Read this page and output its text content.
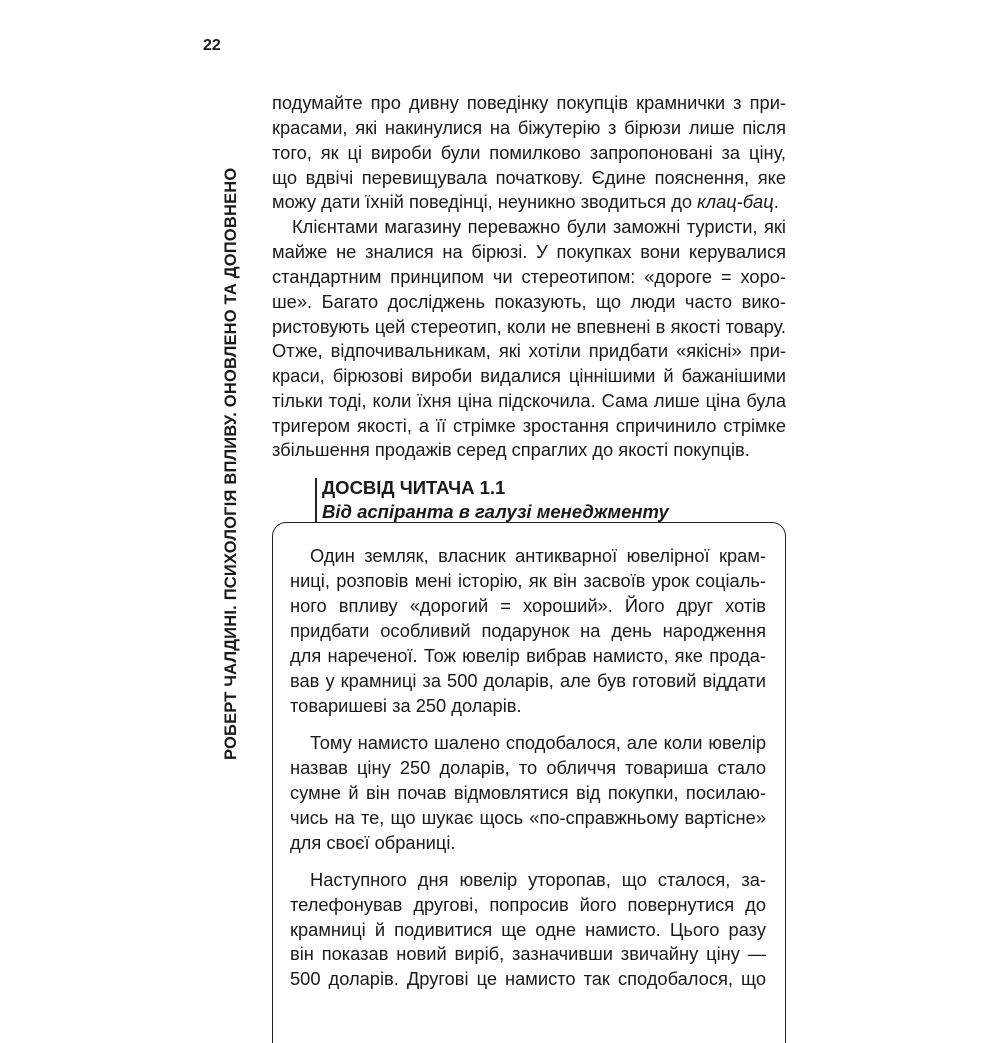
22
РОБЕРТ ЧАЛДИНІ. ПСИХОЛОГІЯ ВПЛИВУ. ОНОВЛЕНО ТА ДОПОВНЕНО
подумайте про дивну поведінку покупців крамнички з при-
красами, які накинулися на біжутерію з бірюзи лише після
того, як ці вироби були помилково запропоновані за ціну,
що вдвічі перевищувала початкову. Єдине пояснення, яке
можу дати їхній поведінці, неуникно зводиться до клац-бац.
Клієнтами магазину переважно були заможні туристи, які
майже не зналися на бірюзі. У покупках вони керувалися
стандартним принципом чи стереотипом: «дороге = хоро-
ше». Багато досліджень показують, що люди часто вико-
ристовують цей стереотип, коли не впевнені в якості товару.
Отже, відпочивальникам, які хотіли придбати «якісні» при-
краси, бірюзові вироби видалися ціннішими й бажанішими
тільки тоді, коли їхня ціна підскочила. Сама лише ціна була
тригером якості, а її стрімке зростання спричинило стрімке
збільшення продажів серед спраглих до якості покупців.
ДОСВІД ЧИТАЧА 1.1
Від аспіранта в галузі менеджменту
Один земляк, власник антикварної ювелірної крам-
ниці, розповів мені історію, як він засвоїв урок соціаль-
ного впливу «дорогий = хороший». Його друг хотів
придбати особливий подарунок на день народження
для нареченої. Тож ювелір вибрав намисто, яке прода-
вав у крамниці за 500 доларів, але був готовий віддати
товаришеві за 250 доларів.
Тому намисто шалено сподобалося, але коли ювелір
назвав ціну 250 доларів, то обличчя товариша стало
сумне й він почав відмовлятися від покупки, посилаю-
чись на те, що шукає щось «по-справжньому вартісне»
для своєї обраниці.
Наступного дня ювелір уторопав, що сталося, за-
телефонував другові, попросив його повернутися до
крамниці й подивитися ще одне намисто. Цього разу
він показав новий виріб, зазначивши звичайну ціну —
500 доларів. Другові це намисто так сподобалося, що
